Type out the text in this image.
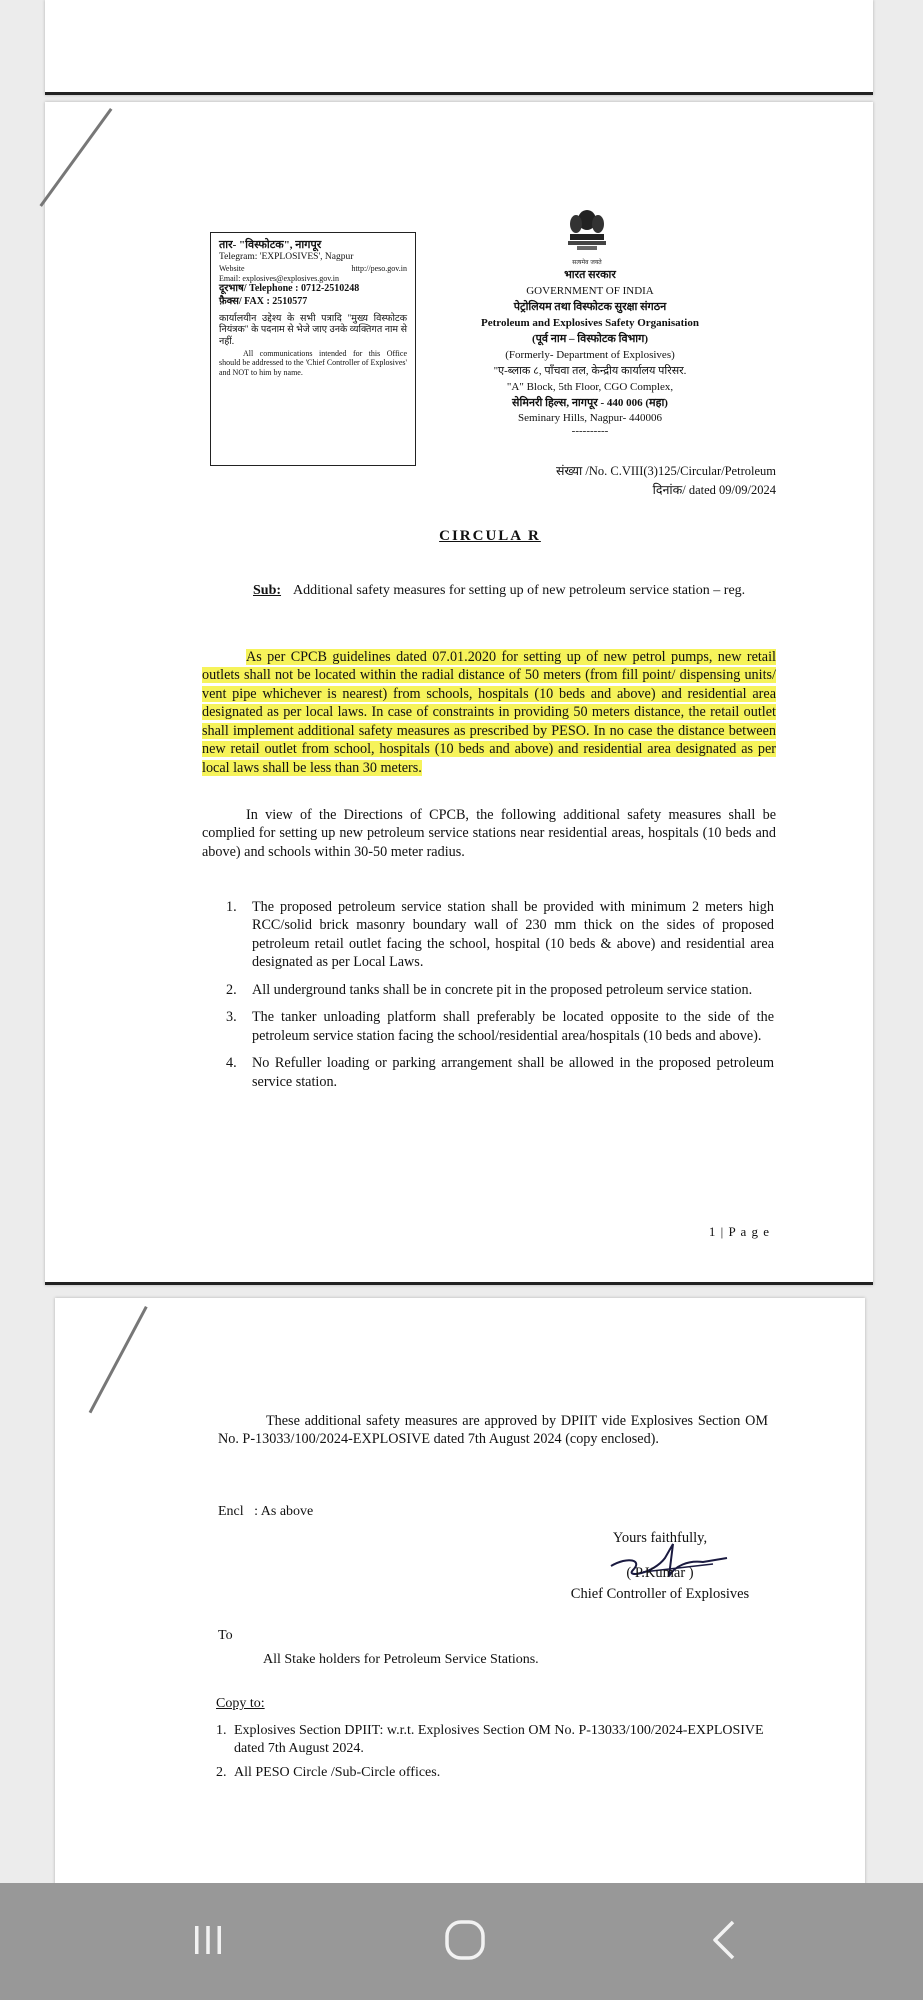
तार- "विस्फोटक", नागपूर
Telegram: 'EXPLOSIVES', Nagpur
Website	http://peso.gov.in
Email: explosives@explosives.gov.in
दूरभाष/ Telephone : 0712-2510248
फ़ैक्स/ FAX : 2510577
कार्यालयीन उद्देश्य के सभी पत्रादि "मुख्य विस्फोटक नियंत्रक" के पदनाम से भेजे जाए उनके व्यक्तिगत नाम से नहीं.
All communications intended for this Office should be addressed to the 'Chief Controller of Explosives' and NOT to him by name.
सत्यमेव जयते
भारत सरकार
GOVERNMENT OF INDIA
पेट्रोलियम तथा विस्फोटक सुरक्षा संगठन
Petroleum and Explosives Safety Organisation
(पूर्व नाम – विस्फोटक विभाग)
(Formerly- Department of Explosives)
"ए-ब्लाक ८, पाँचवा तल, केन्द्रीय कार्यालय परिसर.
"A" Block, 5th Floor, CGO Complex,
सेमिनरी हिल्स, नागपूर - 440 006 (महा)
Seminary Hills, Nagpur- 440006
----------
संख्या /No. C.VIII(3)125/Circular/Petroleum
दिनांक/ dated 09/09/2024
CIRCULA R
Sub: Additional safety measures for setting up of new petroleum service station – reg.
As per CPCB guidelines dated 07.01.2020 for setting up of new petrol pumps, new retail outlets shall not be located within the radial distance of 50 meters (from fill point/ dispensing units/ vent pipe whichever is nearest) from schools, hospitals (10 beds and above) and residential area designated as per local laws. In case of constraints in providing 50 meters distance, the retail outlet shall implement additional safety measures as prescribed by PESO. In no case the distance between new retail outlet from school, hospitals (10 beds and above) and residential area designated as per local laws shall be less than 30 meters.
In view of the Directions of CPCB, the following additional safety measures shall be complied for setting up new petroleum service stations near residential areas, hospitals (10 beds and above) and schools within 30-50 meter radius.
1.	The proposed petroleum service station shall be provided with minimum 2 meters high RCC/solid brick masonry boundary wall of 230 mm thick on the sides of proposed petroleum retail outlet facing the school, hospital (10 beds & above) and residential area designated as per Local Laws.
2.	All underground tanks shall be in concrete pit in the proposed petroleum service station.
3.	The tanker unloading platform shall preferably be located opposite to the side of the petroleum service station facing the school/residential area/hospitals (10 beds and above).
4.	No Refuller loading or parking arrangement shall be allowed in the proposed petroleum service station.
1 | P a g e
These additional safety measures are approved by DPIIT vide Explosives Section OM No. P-13033/100/2024-EXPLOSIVE dated 7th August 2024 (copy enclosed).
Encl   : As above
Yours faithfully,
( P.Kumar )
Chief Controller of Explosives
To
All Stake holders for Petroleum Service Stations.
Copy to:
1. Explosives Section DPIIT: w.r.t. Explosives Section OM No. P-13033/100/2024-EXPLOSIVE dated 7th August 2024.
2. All PESO Circle /Sub-Circle offices.
